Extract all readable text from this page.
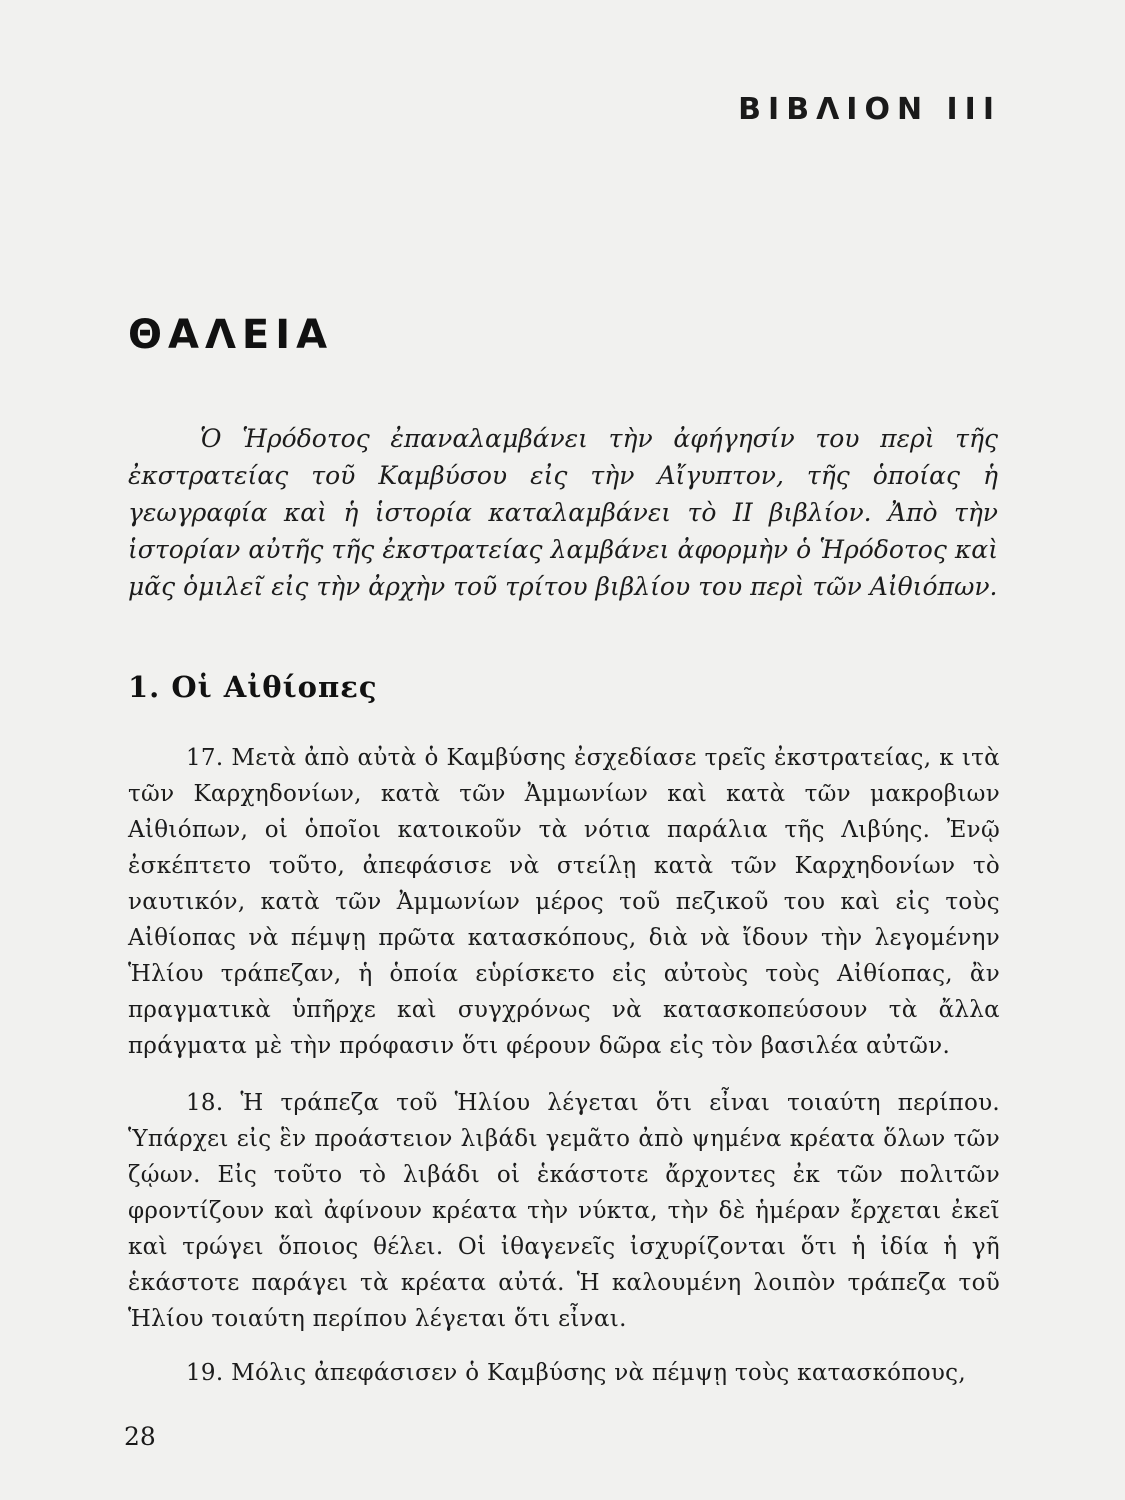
ΒΙΒΛΙΟΝ ΙΙΙ
ΘΑΛΕΙΑ

Ὁ Ἡρόδοτος ἐπαναλαμβάνει τὴν ἀφήγησίν του περὶ τῆς ἐκστρατείας τοῦ Καμβύσου εἰς τὴν Αἴγυπτον, τῆς ὁποίας ἡ γεωγραφία καὶ ἡ ἱστορία καταλαμβάνει τὸ ΙΙ βιβλίον. Ἀπὸ τὴν ἱστορίαν αὐτῆς τῆς ἐκστρατείας λαμβάνει ἀφορμὴν ὁ Ἡρόδοτος καὶ μᾶς ὁμιλεῖ εἰς τὴν ἀρχὴν τοῦ τρίτου βιβλίου του περὶ τῶν Αἰθιόπων.

1. Οἱ Αἰθίοπες

17. Μετὰ ἀπὸ αὐτὰ ὁ Καμβύσης ἐσχεδίασε τρεῖς ἐκστρατείας, κ ιτὰ τῶν Καρχηδονίων, κατὰ τῶν Ἀμμωνίων καὶ κατὰ τῶν μακροβιων Αἰθιόπων, οἱ ὁποῖοι κατοικοῦν τὰ νότια παράλια τῆς Λιβύης. Ἐνῷ ἐσκέπτετο τοῦτο, ἀπεφάσισε νὰ στείλῃ κατὰ τῶν Καρχηδονίων τὸ ναυτικόν, κατὰ τῶν Ἀμμωνίων μέρος τοῦ πεζικοῦ του καὶ εἰς τοὺς Αἰθίοπας νὰ πέμψῃ πρῶτα κατασκόπους, διὰ νὰ ἴδουν τὴν λεγομένην Ἡλίου τράπεζαν, ἡ ὁποία εὑρίσκετο εἰς αὐτοὺς τοὺς Αἰθίοπας, ἂν πραγματικὰ ὑπῆρχε καὶ συγχρόνως νὰ κατασκοπεύσουν τὰ ἄλλα πράγματα μὲ τὴν πρόφασιν ὅτι φέρουν δῶρα εἰς τὸν βασιλέα αὐτῶν.

18. Ἡ τράπεζα τοῦ Ἡλίου λέγεται ὅτι εἶναι τοιαύτη περίπου. Ὑπάρχει εἰς ἓν προάστειον λιβάδι γεμᾶτο ἀπὸ ψημένα κρέατα ὅλων τῶν ζῴων. Εἰς τοῦτο τὸ λιβάδι οἱ ἑκάστοτε ἄρχοντες ἐκ τῶν πολιτῶν φροντίζουν καὶ ἀφίνουν κρέατα τὴν νύκτα, τὴν δὲ ἡμέραν ἔρχεται ἐκεῖ καὶ τρώγει ὅποιος θέλει. Οἱ ἰθαγενεῖς ἰσχυρίζονται ὅτι ἡ ἰδία ἡ γῆ ἑκάστοτε παράγει τὰ κρέατα αὐτά. Ἡ καλουμένη λοιπὸν τράπεζα τοῦ Ἡλίου τοιαύτη περίπου λέγεται ὅτι εἶναι.

19. Μόλις ἀπεφάσισεν ὁ Καμβύσης νὰ πέμψῃ τοὺς κατασκόπους,

28
